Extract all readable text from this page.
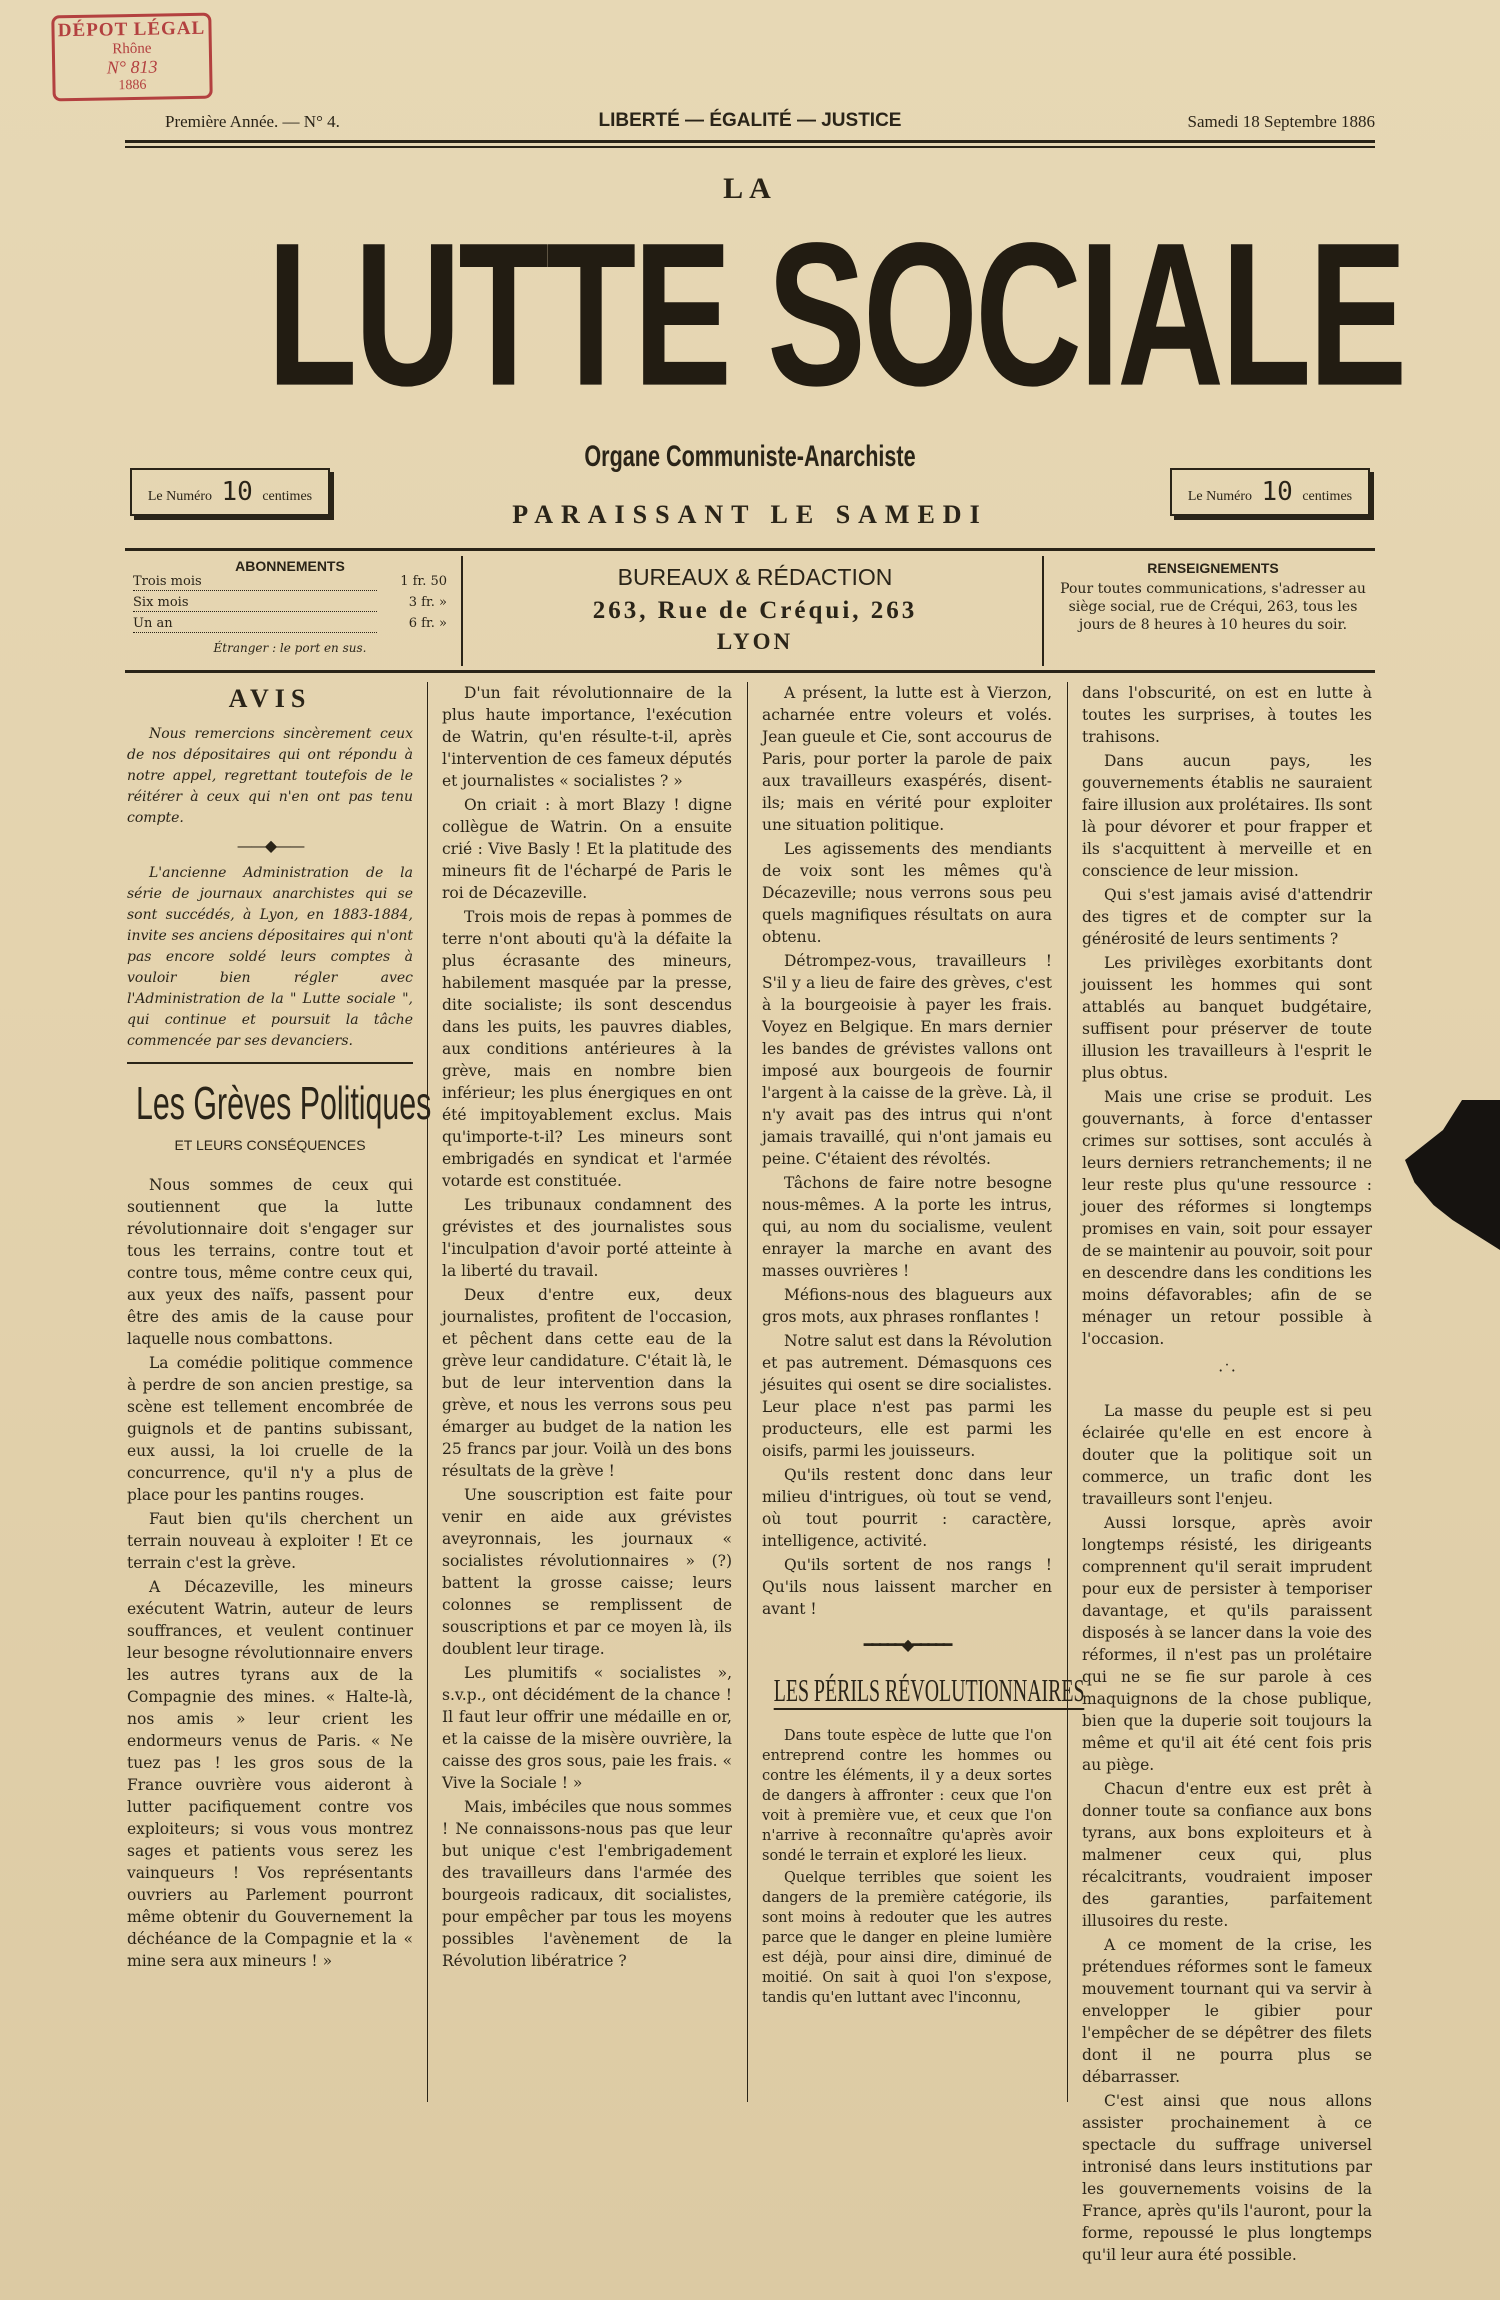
DÉPOT LÉGAL
Rhône
N° 813
1886
Première Année. — N° 4.	LIBERTÉ — ÉGALITÉ — JUSTICE	Samedi 18 Septembre 1886
LA
LUTTE SOCIALE
Le Numéro 10 centimes
Organe Communiste-Anarchiste
Le Numéro 10 centimes
PARAISSANT LE SAMEDI
ABONNEMENTS
Trois mois	1 fr. 50
Six mois	3 fr. »
Un an	6 fr. »
Étranger : le port en sus.
BUREAUX & RÉDACTION
263, Rue de Créqui, 263
LYON
RENSEIGNEMENTS
Pour toutes communications, s'adresser au siège social, rue de Créqui, 263, tous les jours de 8 heures à 10 heures du soir.
AVIS

Nous remercions sincèrement ceux de nos dépositaires qui ont répondu à notre appel, regrettant toutefois de le réitérer à ceux qui n'en ont pas tenu compte.

——◆——

L'ancienne Administration de la série de journaux anarchistes qui se sont succédés, à Lyon, en 1883-1884, invite ses anciens dépositaires qui n'ont pas encore soldé leurs comptes à vouloir bien régler avec l'Administration de la " Lutte sociale ", qui continue et poursuit la tâche commencée par ses devanciers.

Les Grèves Politiques
ET LEURS CONSÉQUENCES

Nous sommes de ceux qui soutiennent que la lutte révolutionnaire doit s'engager sur tous les terrains, contre tout et contre tous, même contre ceux qui, aux yeux des naïfs, passent pour être des amis de la cause pour laquelle nous combattons.

La comédie politique commence à perdre de son ancien prestige, sa scène est tellement encombrée de guignols et de pantins subissant, eux aussi, la loi cruelle de la concurrence, qu'il n'y a plus de place pour les pantins rouges.

Faut bien qu'ils cherchent un terrain nouveau à exploiter ! Et ce terrain c'est la grève.

A Décazeville, les mineurs exécutent Watrin, auteur de leurs souffrances, et veulent continuer leur besogne révolutionnaire envers les autres tyrans aux de la Compagnie des mines. « Halte-là, nos amis » leur crient les endormeurs venus de Paris. « Ne tuez pas ! les gros sous de la France ouvrière vous aideront à lutter pacifiquement contre vos exploiteurs; si vous vous montrez sages et patients vous serez les vainqueurs ! Vos représentants ouvriers au Parlement pourront même obtenir du Gouvernement la déchéance de la Compagnie et la « mine sera aux mineurs ! »

D'un fait révolutionnaire de la plus haute importance, l'exécution de Watrin, qu'en résulte-t-il, après l'intervention de ces fameux députés et journalistes « socialistes ? »

On criait : à mort Blazy ! digne collègue de Watrin. On a ensuite crié : Vive Basly ! Et la platitude des mineurs fit de l'écharpé de Paris le roi de Décazeville.

Trois mois de repas à pommes de terre n'ont abouti qu'à la défaite la plus écrasante des mineurs, habilement masquée par la presse, dite socialiste; ils sont descendus dans les puits, les pauvres diables, aux conditions antérieures à la grève, mais en nombre bien inférieur; les plus énergiques en ont été impitoyablement exclus. Mais qu'importe-t-il? Les mineurs sont embrigadés en syndicat et l'armée votarde est constituée.

Les tribunaux condamnent des grévistes et des journalistes sous l'inculpation d'avoir porté atteinte à la liberté du travail.

Deux d'entre eux, deux journalistes, profitent de l'occasion, et pêchent dans cette eau de la grève leur candidature. C'était là, le but de leur intervention dans la grève, et nous les verrons sous peu émarger au budget de la nation les 25 francs par jour. Voilà un des bons résultats de la grève !

Une souscription est faite pour venir en aide aux grévistes aveyronnais, les journaux « socialistes révolutionnaires » (?) battent la grosse caisse; leurs colonnes se remplissent de souscriptions et par ce moyen là, ils doublent leur tirage.

Les plumitifs « socialistes », s.v.p., ont décidément de la chance ! Il faut leur offrir une médaille en or, et la caisse de la misère ouvrière, la caisse des gros sous, paie les frais. « Vive la Sociale ! »

Mais, imbéciles que nous sommes ! Ne connaissons-nous pas que leur but unique c'est l'embrigadement des travailleurs dans l'armée des bourgeois radicaux, dit socialistes, pour empêcher par tous les moyens possibles l'avènement de la Révolution libératrice ?

A présent, la lutte est à Vierzon, acharnée entre voleurs et volés. Jean gueule et Cie, sont accourus de Paris, pour porter la parole de paix aux travailleurs exaspérés, disent-ils; mais en vérité pour exploiter une situation politique.

Les agissements des mendiants de voix sont les mêmes qu'à Décazeville; nous verrons sous peu quels magnifiques résultats on aura obtenu.

Détrompez-vous, travailleurs ! S'il y a lieu de faire des grèves, c'est à la bourgeoisie à payer les frais. Voyez en Belgique. En mars dernier les bandes de grévistes vallons ont imposé aux bourgeois de fournir l'argent à la caisse de la grève. Là, il n'y avait pas des intrus qui n'ont jamais travaillé, qui n'ont jamais eu peine. C'étaient des révoltés.

Tâchons de faire notre besogne nous-mêmes. A la porte les intrus, qui, au nom du socialisme, veulent enrayer la marche en avant des masses ouvrières !

Méfions-nous des blagueurs aux gros mots, aux phrases ronflantes !

Notre salut est dans la Révolution et pas autrement. Démasquons ces jésuites qui osent se dire socialistes. Leur place n'est pas parmi les producteurs, elle est parmi les oisifs, parmi les jouisseurs.

Qu'ils restent donc dans leur milieu d'intrigues, où tout se vend, où tout pourrit : caractère, intelligence, activité.

Qu'ils sortent de nos rangs ! Qu'ils nous laissent marcher en avant !

━━━━━◆━━━━━
LES PÉRILS RÉVOLUTIONNAIRES

Dans toute espèce de lutte que l'on entreprend contre les hommes ou contre les éléments, il y a deux sortes de dangers à affronter : ceux que l'on voit à première vue, et ceux que l'on n'arrive à reconnaître qu'après avoir sondé le terrain et exploré les lieux.

Quelque terribles que soient les dangers de la première catégorie, ils sont moins à redouter que les autres parce que le danger en pleine lumière est déjà, pour ainsi dire, diminué de moitié. On sait à quoi l'on s'expose, tandis qu'en luttant avec l'inconnu,

dans l'obscurité, on est en lutte à toutes les surprises, à toutes les trahisons.

Dans aucun pays, les gouvernements établis ne sauraient faire illusion aux prolétaires. Ils sont là pour dévorer et pour frapper et ils s'acquittent à merveille et en conscience de leur mission.

Qui s'est jamais avisé d'attendrir des tigres et de compter sur la générosité de leurs sentiments ?

Les privilèges exorbitants dont jouissent les hommes qui sont attablés au banquet budgétaire, suffisent pour préserver de toute illusion les travailleurs à l'esprit le plus obtus.

Mais une crise se produit. Les gouvernants, à force d'entasser crimes sur sottises, sont acculés à leurs derniers retranchements; il ne leur reste plus qu'une ressource : jouer des réformes si longtemps promises en vain, soit pour essayer de se maintenir au pouvoir, soit pour en descendre dans les conditions les moins défavorables; afin de se ménager un retour possible à l'occasion.

·˙·

La masse du peuple est si peu éclairée qu'elle en est encore à douter que la politique soit un commerce, un trafic dont les travailleurs sont l'enjeu.

Aussi lorsque, après avoir longtemps résisté, les dirigeants comprennent qu'il serait imprudent pour eux de persister à temporiser davantage, et qu'ils paraissent disposés à se lancer dans la voie des réformes, il n'est pas un prolétaire qui ne se fie sur parole à ces maquignons de la chose publique, bien que la duperie soit toujours la même et qu'il ait été cent fois pris au piège.

Chacun d'entre eux est prêt à donner toute sa confiance aux bons tyrans, aux bons exploiteurs et à malmener ceux qui, plus récalcitrants, voudraient imposer des garanties, parfaitement illusoires du reste.

A ce moment de la crise, les prétendues réformes sont le fameux mouvement tournant qui va servir à envelopper le gibier pour l'empêcher de se dépêtrer des filets dont il ne pourra plus se débarrasser.

C'est ainsi que nous allons assister prochainement à ce spectacle du suffrage universel intronisé dans leurs institutions par les gouvernements voisins de la France, après qu'ils l'auront, pour la forme, repoussé le plus longtemps qu'il leur aura été possible.
